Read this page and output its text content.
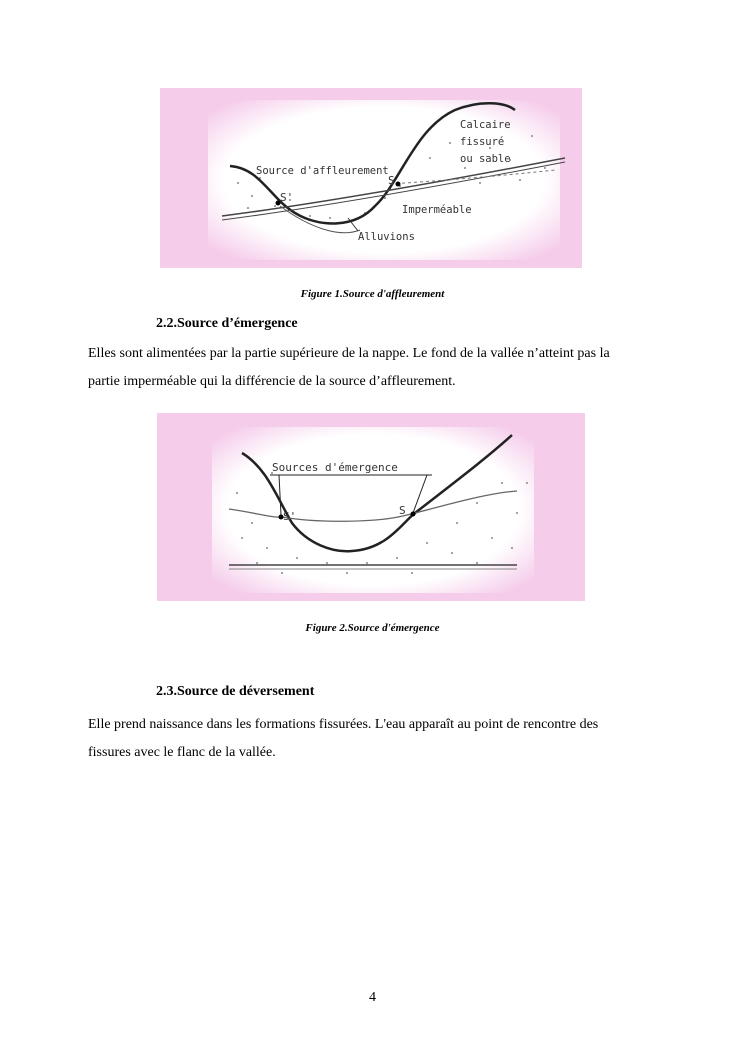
Source d'affleurement
S'
S
Calcaire
fissuré
ou sable
Imperméable
Alluvions
Figure 1.Source d'affleurement
2.2.Source d’émergence
Elles sont alimentées par la partie supérieure de la nappe. Le fond de la vallée n’atteint pas la
partie imperméable qui la différencie de la source d’affleurement.
Sources d'émergence
S'	S
Figure 2.Source d'émergence
2.3.Source de déversement
Elle prend naissance dans les formations fissurées. L'eau apparaît au point de rencontre des
fissures avec le flanc de la vallée.
4
